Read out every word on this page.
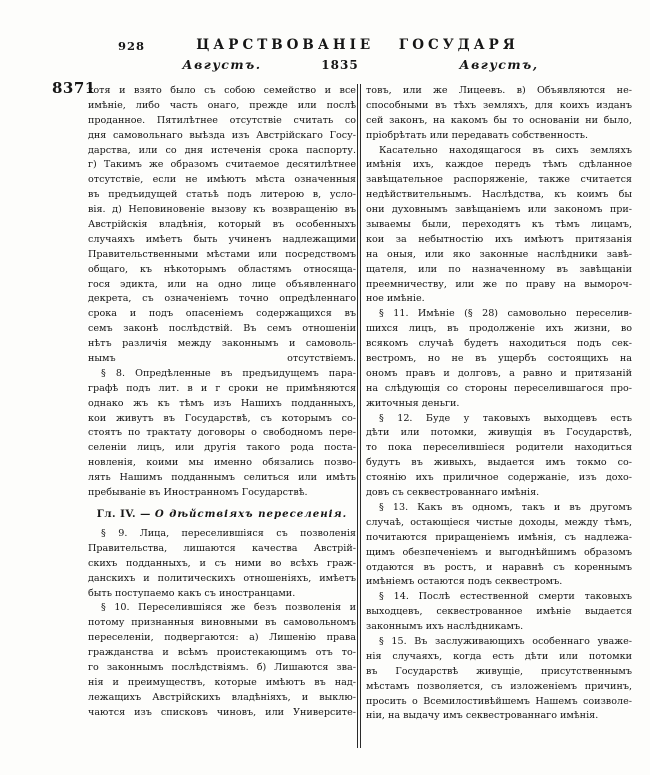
928	ЦАРСТВОВАНІЕ ГОСУДАРЯ
Августъ.	1835	Августъ,
8371
хотя и взято было съ собою семейство и все
имѣніе, либо часть онаго, прежде или послѣ
проданное. Пятилѣтнее отсутствіе считать со
дня самовольнаго выѣзда изъ Австрійскаго Госу-
дарства, или со дня истеченія срока паспорту.
г) Такимъ же образомъ считаемое десятилѣтнее
отсутствіе, если не имѣютъ мѣста означенныя
въ предъидущей статьѣ подъ литерою в, усло-
вія. д) Неповиновеніе вызову къ возвращенію въ
Австрійскія владѣнія, который въ особенныхъ
случаяхъ имѣетъ быть учиненъ надлежащими
Правительственными мѣстами или посредствомъ
общаго, къ нѣкоторымъ областямъ относяща-
гося эдикта, или на одно лице объявленнаго
декрета, съ означеніемъ точно опредѣленнаго
срока и подъ опасеніемъ содержащихся въ
семъ законѣ послѣдствій. Въ семъ отношеніи
нѣтъ различія между законнымъ и самоволь-
нымъ отсутствіемъ.
§ 8. Опредѣленные въ предъидущемъ пара-
графѣ подъ лит. в и г сроки не примѣняются
однако жъ къ тѣмъ изъ Нашихъ подданныхъ,
кои живутъ въ Государствѣ, съ которымъ со-
стоятъ по трактату договоры о свободномъ пере-
селеніи лицъ, или другія такого рода поста-
новленія, коими мы именно обязались позво-
лять Нашимъ подданнымъ селиться или имѣть
пребываніе въ Иностранномъ Государствѣ.
Гл. IV. — О дѣйствіяхъ переселенія.
§ 9. Лица, переселившіяся съ позволенія
Правительства, лишаются качества Австрій-
скихъ подданныхъ, и съ ними во всѣхъ граж-
данскихъ и политическихъ отношеніяхъ, имѣетъ
быть поступаемо какъ съ иностранцами.
§ 10. Переселившіяся же безъ позволенія и
потому признанныя виновными въ самовольномъ
переселеніи, подвергаются: а) Лишенію права
гражданства и всѣмъ проистекающимъ отъ то-
го законнымъ послѣдствіямъ. б) Лишаются зва-
нія и преимуществъ, которые имѣютъ въ над-
лежащихъ Австрійскихъ владѣніяхъ, и выклю-
чаются изъ списковъ чиновъ, или Университе-
товъ, или же Лицеевъ. в) Объявляются не-
способными въ тѣхъ земляхъ, для коихъ изданъ
сей законъ, на какомъ бы то основаніи ни было,
пріобрѣтать или передавать собственность.
Касательно находящагося въ сихъ земляхъ
имѣнія ихъ, каждое передъ тѣмъ сдѣланное
завѣщательное распоряженіе, также считается
недѣйствительнымъ. Наслѣдства, къ коимъ бы
они духовнымъ завѣщаніемъ или закономъ при-
зываемы были, переходятъ къ тѣмъ лицамъ,
кои за небытностію ихъ имѣютъ притязанія
на оныя, или яко законные наслѣдники завѣ-
щателя, или по назначенному въ завѣщаніи
преемничеству, или же по праву на вымороч-
ное имѣніе.
§ 11. Имѣніе (§ 28) самовольно переселив-
шихся лицъ, въ продолженіе ихъ жизни, во
всякомъ случаѣ будетъ находиться подъ сек-
вестромъ, но не въ ущербъ состоящихъ на
ономъ правъ и долговъ, а равно и притязаній
на слѣдующія со стороны переселившагося про-
житочныя деньги.
§ 12. Буде у таковыхъ выходцевъ есть
дѣти или потомки, живущія въ Государствѣ,
то пока переселившіеся родители находиться
будутъ въ живыхъ, выдается имъ токмо со-
стоянію ихъ приличное содержаніе, изъ дохо-
довъ съ секвестрованнаго имѣнія.
§ 13. Какъ въ одномъ, такъ и въ другомъ
случаѣ, остающіеся чистые доходы, между тѣмъ,
почитаются приращеніемъ имѣнія, съ надлежа-
щимъ обезпеченіемъ и выгоднѣйшимъ образомъ
отдаются въ ростъ, и наравнѣ съ кореннымъ
имѣніемъ остаются подъ секвестромъ.
§ 14. Послѣ естественной смерти таковыхъ
выходцевъ, секвестрованное имѣніе выдается
законнымъ ихъ наслѣдникамъ.
§ 15. Въ заслуживающихъ особеннаго уваже-
нія случаяхъ, когда есть дѣти или потомки
въ Государствѣ живущіе, присутственнымъ
мѣстамъ позволяется, съ изложеніемъ причинъ,
просить о Всемилостивѣйшемъ Нашемъ соизволе-
ніи, на выдачу имъ секвестрованнаго имѣнія.
